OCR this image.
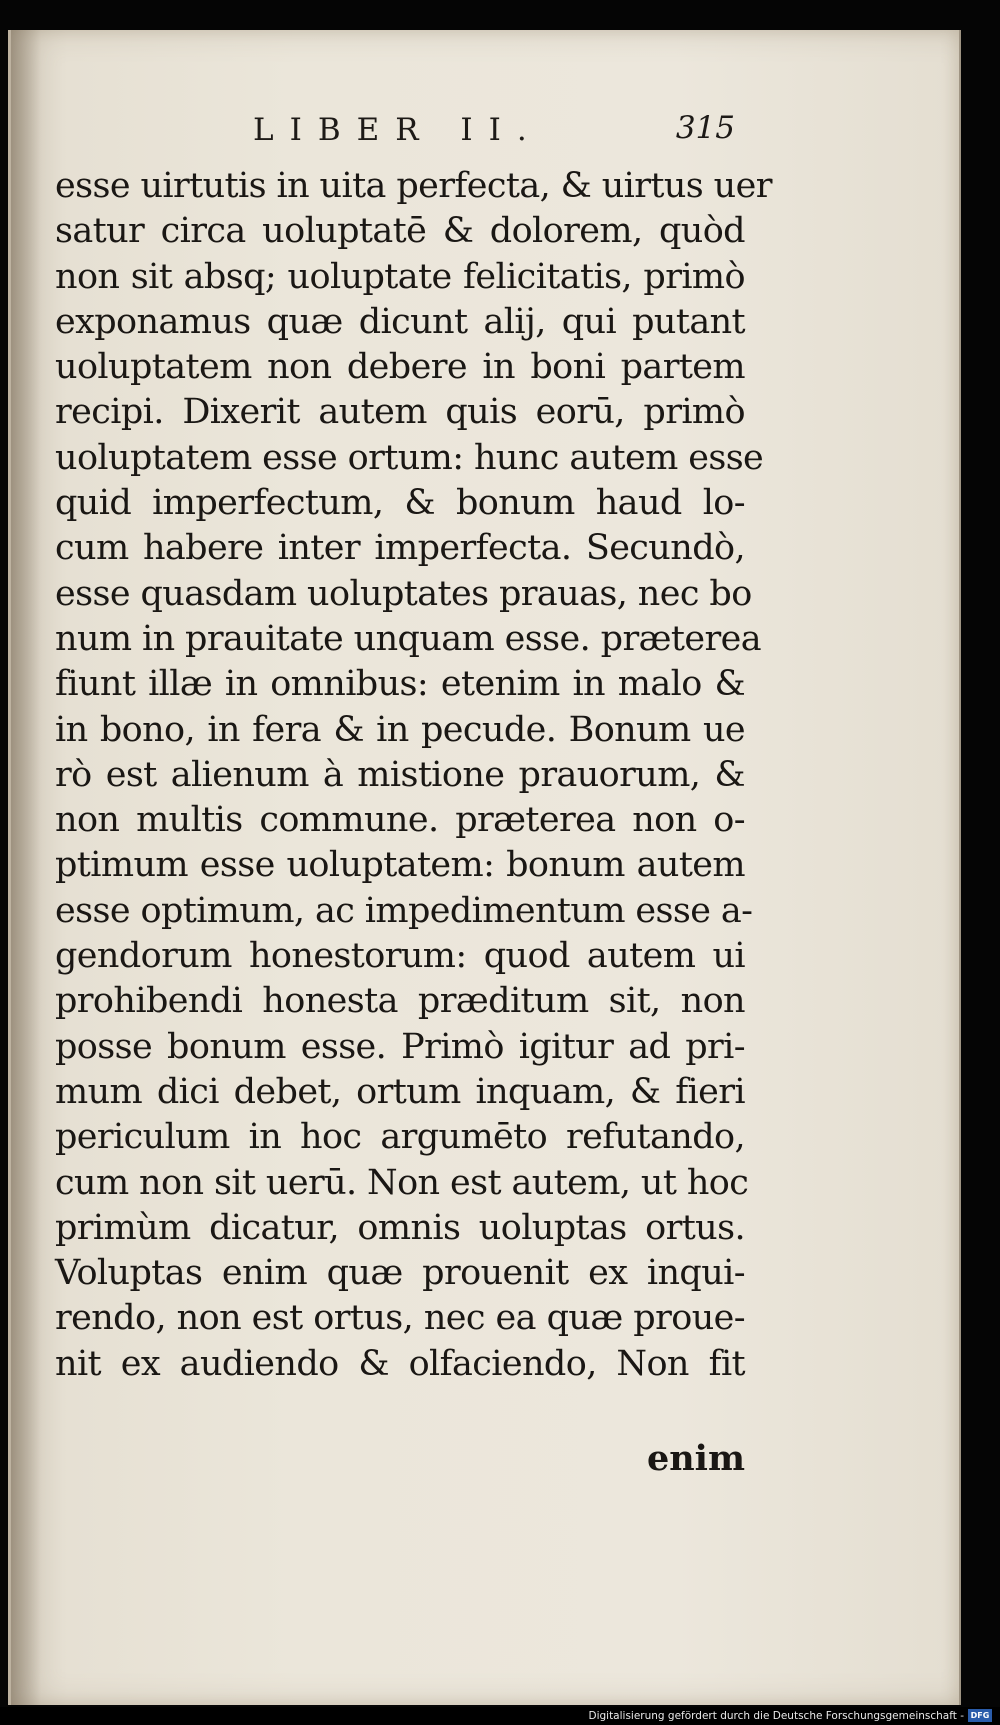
LIBER II.	315
esse uirtutis in uita perfecta, & uirtus uer
satur circa uoluptatē & dolorem, quòd
non sit absq; uoluptate felicitatis, primò
exponamus quæ dicunt alij, qui putant
uoluptatem non debere in boni partem
recipi. Dixerit autem quis eorū, primò
uoluptatem esse ortum: hunc autem esse
quid imperfectum, & bonum haud lo-
cum habere inter imperfecta. Secundò,
esse quasdam uoluptates prauas, nec bo
num in prauitate unquam esse. præterea
fiunt illæ in omnibus: etenim in malo &
in bono, in fera & in pecude. Bonum ue
rò est alienum à mistione prauorum, &
non multis commune. præterea non o-
ptimum esse uoluptatem: bonum autem
esse optimum, ac impedimentum esse a-
gendorum honestorum: quod autem ui
prohibendi honesta præditum sit, non
posse bonum esse. Primò igitur ad pri-
mum dici debet, ortum inquam, & fieri
periculum in hoc argumēto refutando,
cum non sit uerū. Non est autem, ut hoc
primùm dicatur, omnis uoluptas ortus.
Voluptas enim quæ prouenit ex inqui-
rendo, non est ortus, nec ea quæ proue-
nit ex audiendo & olfaciendo, Non fit
enim
Digitalisierung gefördert durch die Deutsche Forschungsgemeinschaft - DFG
